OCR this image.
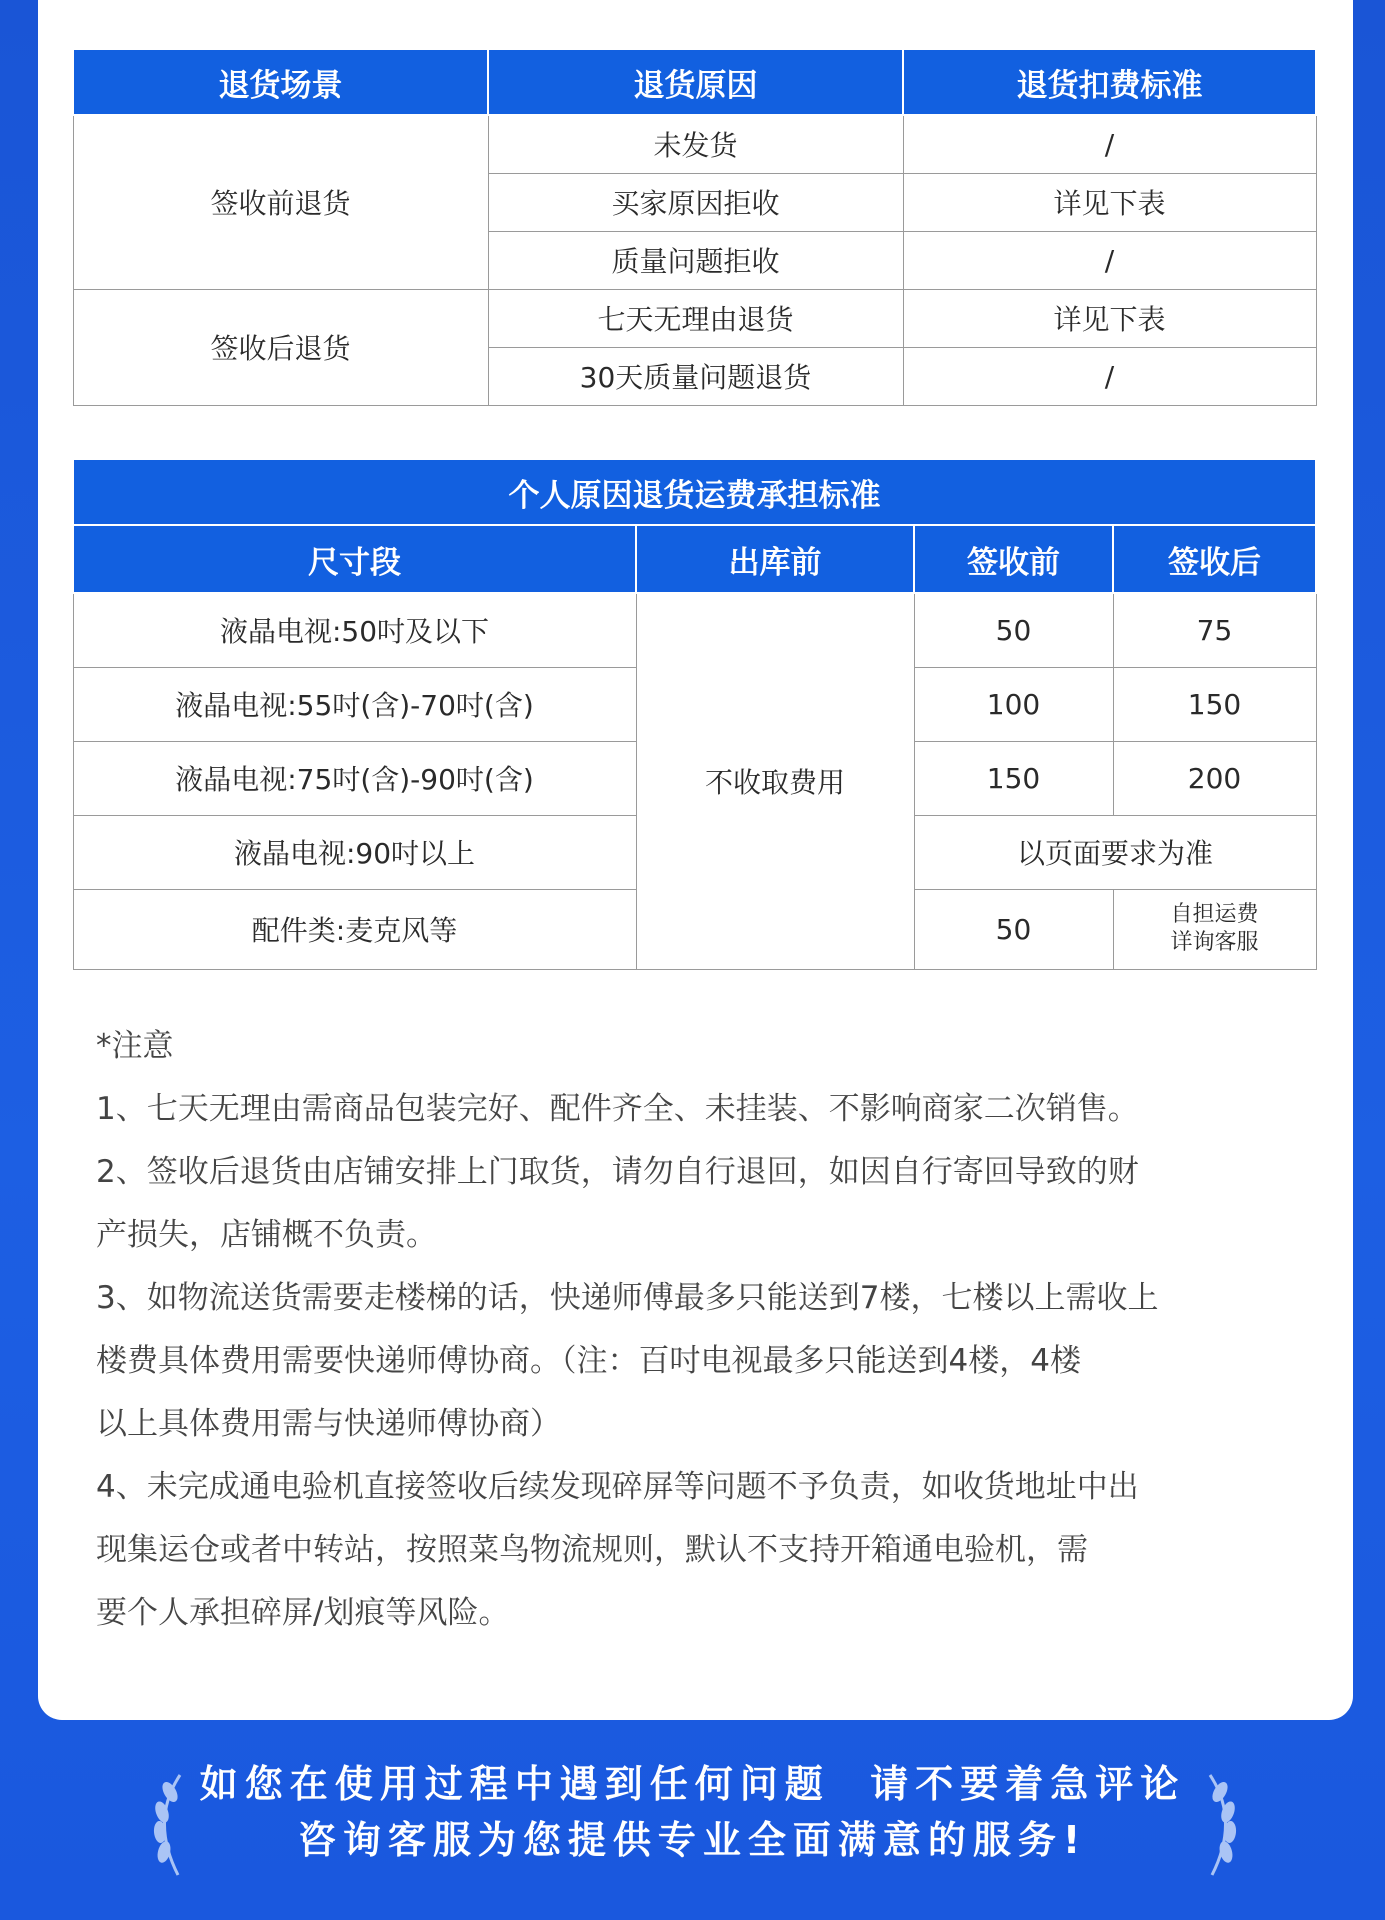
退货场景	退货原因	退货扣费标准
签收前退货	未发货	/
	买家原因拒收	详见下表
	质量问题拒收	/
签收后退货	七天无理由退货	详见下表
	30天质量问题退货	/
个人原因退货运费承担标准			
尺寸段	出库前	签收前	签收后
液晶电视:50吋及以下	不收取费用	50	75
液晶电视:55吋(含)-70吋(含)		100	150
液晶电视:75吋(含)-90吋(含)		150	200
液晶电视:90吋以上		以页面要求为准	
配件类:麦克风等		50	自担运费
详询客服
*注意
1、七天无理由需商品包装完好、配件齐全、未挂装、不影响商家二次销售。
2、签收后退货由店铺安排上门取货，请勿自行退回，如因自行寄回导致的财
产损失，店铺概不负责。
3、如物流送货需要走楼梯的话，快递师傅最多只能送到7楼，七楼以上需收上
楼费具体费用需要快递师傅协商。（注：百吋电视最多只能送到4楼，4楼
以上具体费用需与快递师傅协商）
4、未完成通电验机直接签收后续发现碎屏等问题不予负责，如收货地址中出
现集运仓或者中转站，按照菜鸟物流规则，默认不支持开箱通电验机，需
要个人承担碎屏/划痕等风险。
如您在使用过程中遇到任何问题  请不要着急评论
咨询客服为您提供专业全面满意的服务!
